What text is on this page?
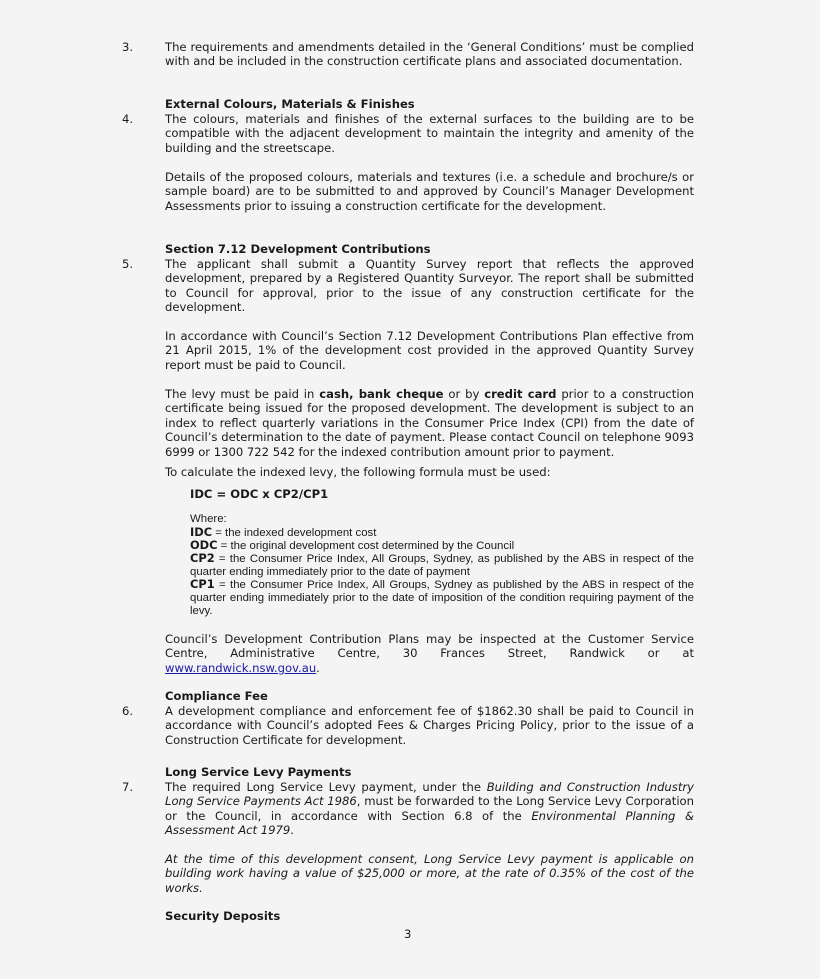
3.	The requirements and amendments detailed in the ‘General Conditions’ must be complied with and be included in the construction certificate plans and associated documentation.

External Colours, Materials & Finishes
4.	The colours, materials and finishes of the external surfaces to the building are to be compatible with the adjacent development to maintain the integrity and amenity of the building and the streetscape.

Details of the proposed colours, materials and textures (i.e. a schedule and brochure/s or sample board) are to be submitted to and approved by Council’s Manager Development Assessments prior to issuing a construction certificate for the development.

Section 7.12 Development Contributions
5.	The applicant shall submit a Quantity Survey report that reflects the approved development, prepared by a Registered Quantity Surveyor. The report shall be submitted to Council for approval, prior to the issue of any construction certificate for the development.

In accordance with Council’s Section 7.12 Development Contributions Plan effective from 21 April 2015, 1% of the development cost provided in the approved Quantity Survey report must be paid to Council.

The levy must be paid in cash, bank cheque or by credit card prior to a construction certificate being issued for the proposed development. The development is subject to an index to reflect quarterly variations in the Consumer Price Index (CPI) from the date of Council’s determination to the date of payment. Please contact Council on telephone 9093 6999 or 1300 722 542 for the indexed contribution amount prior to payment.

To calculate the indexed levy, the following formula must be used:

IDC = ODC x CP2/CP1

Where:

IDC = the indexed development cost

ODC = the original development cost determined by the Council

CP2 = the Consumer Price Index, All Groups, Sydney, as published by the ABS in respect of the quarter ending immediately prior to the date of payment

CP1 = the Consumer Price Index, All Groups, Sydney as published by the ABS in respect of the quarter ending immediately prior to the date of imposition of the condition requiring payment of the levy.

Council’s Development Contribution Plans may be inspected at the Customer Service Centre, Administrative Centre, 30 Frances Street, Randwick or at www.randwick.nsw.gov.au.

Compliance Fee
6.	A development compliance and enforcement fee of $1862.30 shall be paid to Council in accordance with Council’s adopted Fees & Charges Pricing Policy, prior to the issue of a Construction Certificate for development.

Long Service Levy Payments
7.	The required Long Service Levy payment, under the Building and Construction Industry Long Service Payments Act 1986, must be forwarded to the Long Service Levy Corporation or the Council, in accordance with Section 6.8 of the Environmental Planning & Assessment Act 1979.

At the time of this development consent, Long Service Levy payment is applicable on building work having a value of $25,000 or more, at the rate of 0.35% of the cost of the works.

Security Deposits
3
